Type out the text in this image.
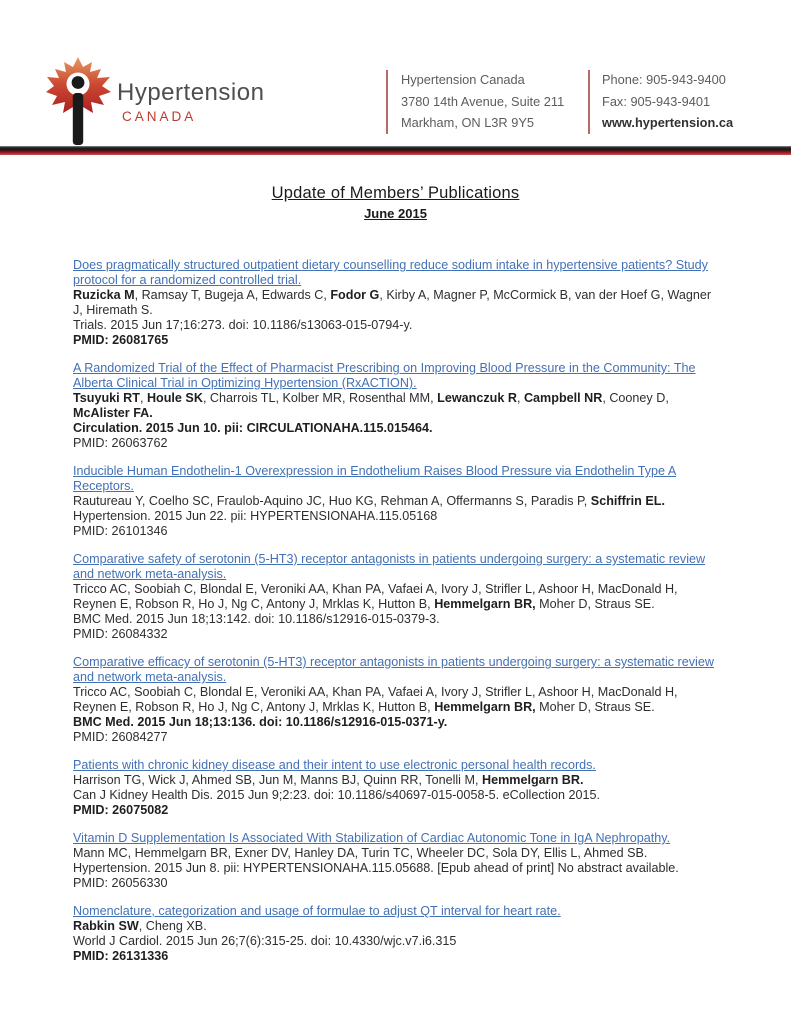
Hypertension
CANADA
Hypertension Canada
3780 14th Avenue, Suite 211
Markham, ON L3R 9Y5
Phone: 905-943-9400
Fax: 905-943-9401
www.hypertension.ca
Update of Members’ Publications
June 2015
Does pragmatically structured outpatient dietary counselling reduce sodium intake in hypertensive patients? Study protocol for a randomized controlled trial.
Ruzicka M, Ramsay T, Bugeja A, Edwards C, Fodor G, Kirby A, Magner P, McCormick B, van der Hoef G, Wagner J, Hiremath S.
Trials. 2015 Jun 17;16:273. doi: 10.1186/s13063-015-0794-y.
PMID: 26081765
A Randomized Trial of the Effect of Pharmacist Prescribing on Improving Blood Pressure in the Community: The Alberta Clinical Trial in Optimizing Hypertension (RxACTION).
Tsuyuki RT, Houle SK, Charrois TL, Kolber MR, Rosenthal MM, Lewanczuk R, Campbell NR, Cooney D, McAlister FA.
Circulation. 2015 Jun 10. pii: CIRCULATIONAHA.115.015464.
PMID: 26063762
Inducible Human Endothelin-1 Overexpression in Endothelium Raises Blood Pressure via Endothelin Type A Receptors.
Rautureau Y, Coelho SC, Fraulob-Aquino JC, Huo KG, Rehman A, Offermanns S, Paradis P, Schiffrin EL.
Hypertension. 2015 Jun 22. pii: HYPERTENSIONAHA.115.05168
PMID: 26101346
Comparative safety of serotonin (5-HT3) receptor antagonists in patients undergoing surgery: a systematic review and network meta-analysis.
Tricco AC, Soobiah C, Blondal E, Veroniki AA, Khan PA, Vafaei A, Ivory J, Strifler L, Ashoor H, MacDonald H, Reynen E, Robson R, Ho J, Ng C, Antony J, Mrklas K, Hutton B, Hemmelgarn BR, Moher D, Straus SE.
BMC Med. 2015 Jun 18;13:142. doi: 10.1186/s12916-015-0379-3.
PMID: 26084332
Comparative efficacy of serotonin (5-HT3) receptor antagonists in patients undergoing surgery: a systematic review and network meta-analysis.
Tricco AC, Soobiah C, Blondal E, Veroniki AA, Khan PA, Vafaei A, Ivory J, Strifler L, Ashoor H, MacDonald H, Reynen E, Robson R, Ho J, Ng C, Antony J, Mrklas K, Hutton B, Hemmelgarn BR, Moher D, Straus SE.
BMC Med. 2015 Jun 18;13:136. doi: 10.1186/s12916-015-0371-y.
PMID: 26084277
Patients with chronic kidney disease and their intent to use electronic personal health records.
Harrison TG, Wick J, Ahmed SB, Jun M, Manns BJ, Quinn RR, Tonelli M, Hemmelgarn BR.
Can J Kidney Health Dis. 2015 Jun 9;2:23. doi: 10.1186/s40697-015-0058-5. eCollection 2015.
PMID: 26075082
Vitamin D Supplementation Is Associated With Stabilization of Cardiac Autonomic Tone in IgA Nephropathy.
Mann MC, Hemmelgarn BR, Exner DV, Hanley DA, Turin TC, Wheeler DC, Sola DY, Ellis L, Ahmed SB.
Hypertension. 2015 Jun 8. pii: HYPERTENSIONAHA.115.05688. [Epub ahead of print] No abstract available.
PMID: 26056330
Nomenclature, categorization and usage of formulae to adjust QT interval for heart rate.
Rabkin SW, Cheng XB.
World J Cardiol. 2015 Jun 26;7(6):315-25. doi: 10.4330/wjc.v7.i6.315
PMID: 26131336
